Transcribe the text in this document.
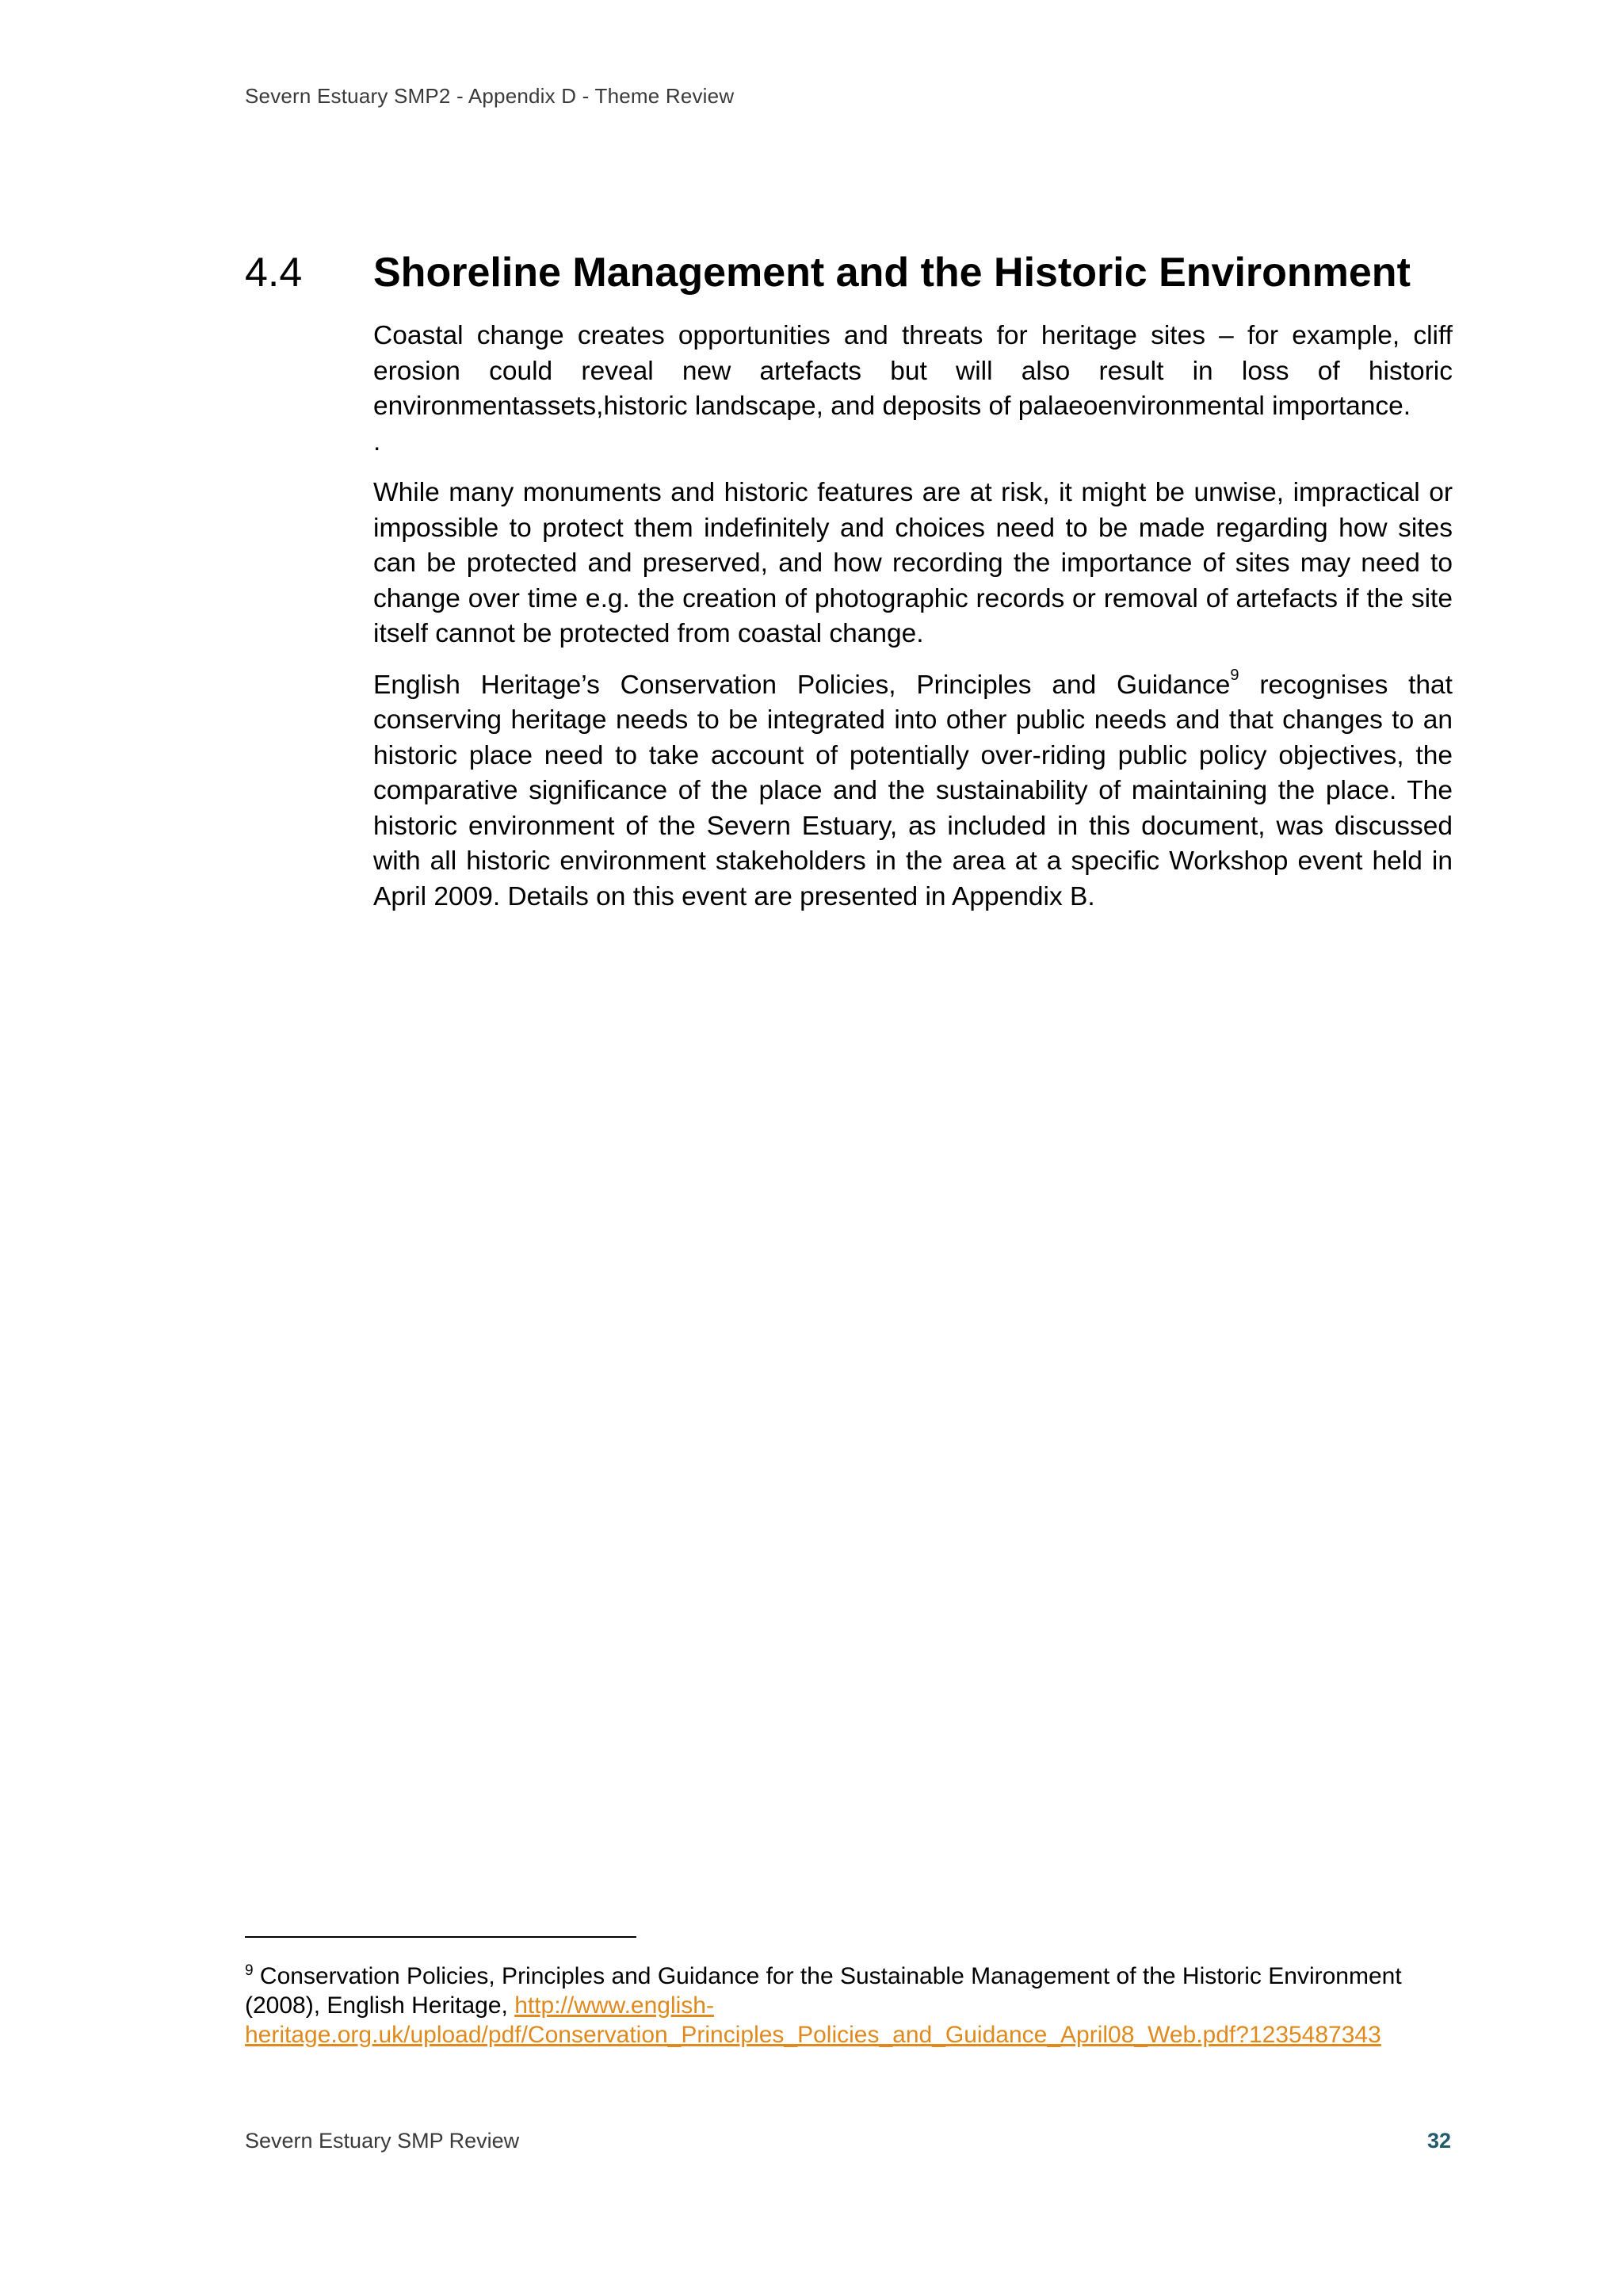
Severn Estuary SMP2 - Appendix D - Theme Review
4.4 Shoreline Management and the Historic Environment

Coastal change creates opportunities and threats for heritage sites – for example, cliff erosion could reveal new artefacts but will also result in loss of historic environmentassets,historic landscape, and deposits of palaeoenvironmental importance.

.

While many monuments and historic features are at risk, it might be unwise, impractical or impossible to protect them indefinitely and choices need to be made regarding how sites can be protected and preserved, and how recording the importance of sites may need to change over time e.g. the creation of photographic records or removal of artefacts if the site itself cannot be protected from coastal change.

English Heritage’s Conservation Policies, Principles and Guidance$^9$ recognises that conserving heritage needs to be integrated into other public needs and that changes to an historic place need to take account of potentially over-riding public policy objectives, the comparative significance of the place and the sustainability of maintaining the place. The historic environment of the Severn Estuary, as included in this document, was discussed with all historic environment stakeholders in the area at a specific Workshop event held in April 2009. Details on this event are presented in Appendix B.

$^9$ Conservation Policies, Principles and Guidance for the Sustainable Management of the Historic Environment (2008), English Heritage, http://www.english-heritage.org.uk/upload/pdf/Conservation_Principles_Policies_and_Guidance_April08_Web.pdf?1235487343
Severn Estuary SMP Review	32
